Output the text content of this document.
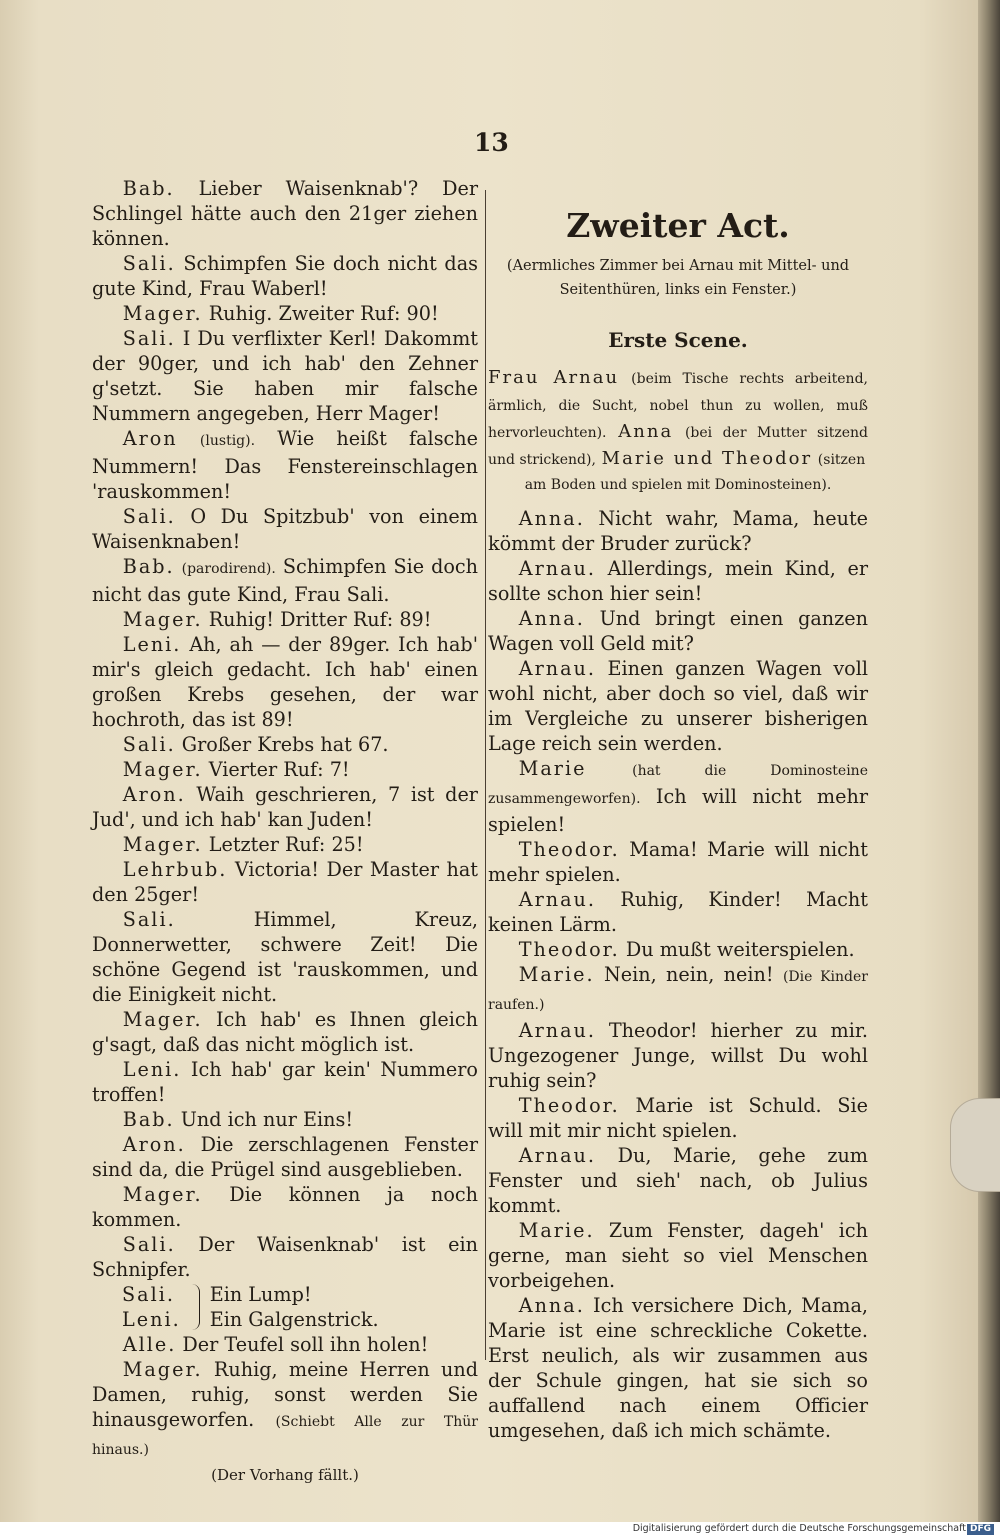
13

Bab. Lieber Waisenknab'? Der Schlingel hätte auch den 21ger ziehen können.

Sali. Schimpfen Sie doch nicht das gute Kind, Frau Waberl!

Mager. Ruhig. Zweiter Ruf: 90!

Sali. I Du verflixter Kerl! Dakommt der 90ger, und ich hab' den Zehner g'setzt. Sie haben mir falsche Nummern angegeben, Herr Mager!

Aron (lustig). Wie heißt falsche Nummern! Das Fenstereinschlagen 'rauskommen!

Sali. O Du Spitzbub' von einem Waisenknaben!

Bab. (parodirend). Schimpfen Sie doch nicht das gute Kind, Frau Sali.

Mager. Ruhig! Dritter Ruf: 89!

Leni. Ah, ah — der 89ger. Ich hab' mir's gleich gedacht. Ich hab' einen großen Krebs gesehen, der war hochroth, das ist 89!

Sali. Großer Krebs hat 67.

Mager. Vierter Ruf: 7!

Aron. Waih geschrieren, 7 ist der Jud', und ich hab' kan Juden!

Mager. Letzter Ruf: 25!

Lehrbub. Victoria! Der Master hat den 25ger!

Sali.	Himmel, Kreuz, Donnerwetter, schwere Zeit! Die schöne Gegend ist 'rauskommen, und die Einigkeit nicht.

Mager. Ich hab' es Ihnen gleich g'sagt, daß das nicht möglich ist.

Leni. Ich hab' gar kein' Nummero troffen!

Bab. Und ich nur Eins!

Aron. Die zerschlagenen Fenster sind da, die Prügel sind ausgeblieben.

Mager. Die können ja noch kommen.

Sali. Der Waisenknab' ist ein Schnipfer.

Sali.
Leni.
Ein Lump!
Ein Galgenstrick.

Alle. Der Teufel soll ihn holen!

Mager. Ruhig, meine Herren und Damen, ruhig, sonst werden Sie hinausgeworfen. (Schiebt Alle zur Thür hinaus.)

(Der Vorhang fällt.)

Zweiter Act.
(Aermliches Zimmer bei Arnau mit Mittel- und Seitenthüren, links ein Fenster.)
Erste Scene.
Frau Arnau (beim Tische rechts arbeitend, ärmlich, die Sucht, nobel thun zu wollen, muß hervorleuchten). Anna (bei der Mutter sitzend und strickend), Marie und Theodor (sitzen
am Boden und spielen mit Dominosteinen).

Anna. Nicht wahr, Mama, heute kömmt der Bruder zurück?

Arnau. Allerdings, mein Kind, er sollte schon hier sein!

Anna. Und bringt einen ganzen Wagen voll Geld mit?

Arnau. Einen ganzen Wagen voll wohl nicht, aber doch so viel, daß wir im Vergleiche zu unserer bisherigen Lage reich sein werden.

Marie	(hat die Dominosteine zusammengeworfen). Ich will nicht mehr spielen!

Theodor. Mama! Marie will nicht mehr spielen.

Arnau. Ruhig, Kinder! Macht keinen Lärm.

Theodor. Du mußt weiterspielen.

Marie. Nein, nein, nein! (Die Kinder raufen.)

Arnau. Theodor! hierher zu mir. Ungezogener Junge, willst Du wohl ruhig sein?

Theodor. Marie ist Schuld. Sie will mit mir nicht spielen.

Arnau. Du, Marie, gehe zum Fenster und sieh' nach, ob Julius kommt.

Marie. Zum Fenster, dageh' ich gerne, man sieht so viel Menschen vorbeigehen.

Anna. Ich versichere Dich, Mama, Marie ist eine schreckliche Cokette. Erst neulich, als wir zusammen aus der Schule gingen, hat sie sich so auffallend nach einem Officier umgesehen, daß ich mich schämte.

Digitalisierung gefördert durch die Deutsche Forschungsgemeinschaft DFG
